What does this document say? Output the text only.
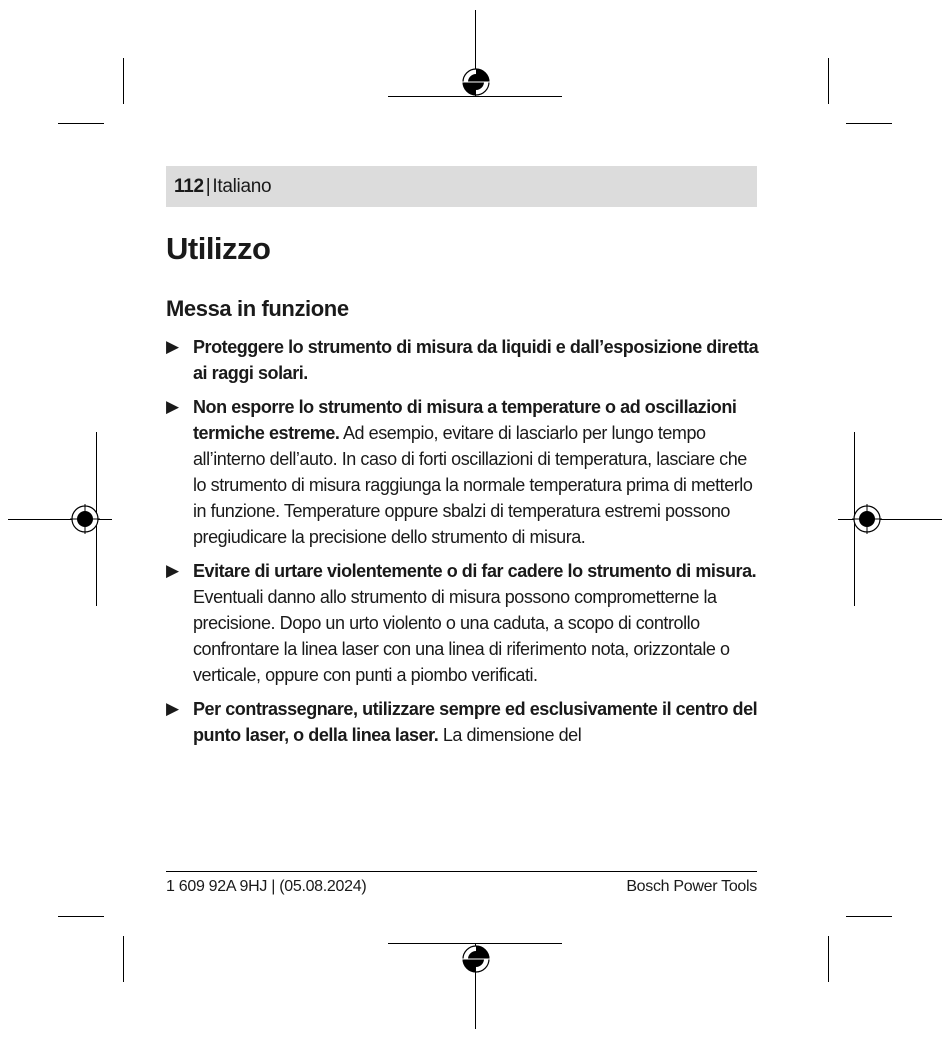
112 | Italiano
Utilizzo
Messa in funzione
▶ Proteggere lo strumento di misura da liquidi e dall’esposizione diretta ai raggi solari.
▶ Non esporre lo strumento di misura a temperature o ad oscillazioni termiche estreme. Ad esempio, evitare di lasciarlo per lungo tempo all’interno dell’auto. In caso di forti oscillazioni di temperatura, lasciare che lo strumento di misura raggiunga la normale temperatura prima di metterlo in funzione. Temperature oppure sbalzi di temperatura estremi possono pregiudicare la precisione dello strumento di misura.
▶ Evitare di urtare violentemente o di far cadere lo strumento di misura. Eventuali danno allo strumento di misura possono comprometterne la precisione. Dopo un urto violento o una caduta, a scopo di controllo confrontare la linea laser con una linea di riferimento nota, orizzontale o verticale, oppure con punti a piombo verificati.
▶ Per contrassegnare, utilizzare sempre ed esclusivamente il centro del punto laser, o della linea laser. La dimensione del
1 609 92A 9HJ | (05.08.2024)	Bosch Power Tools
